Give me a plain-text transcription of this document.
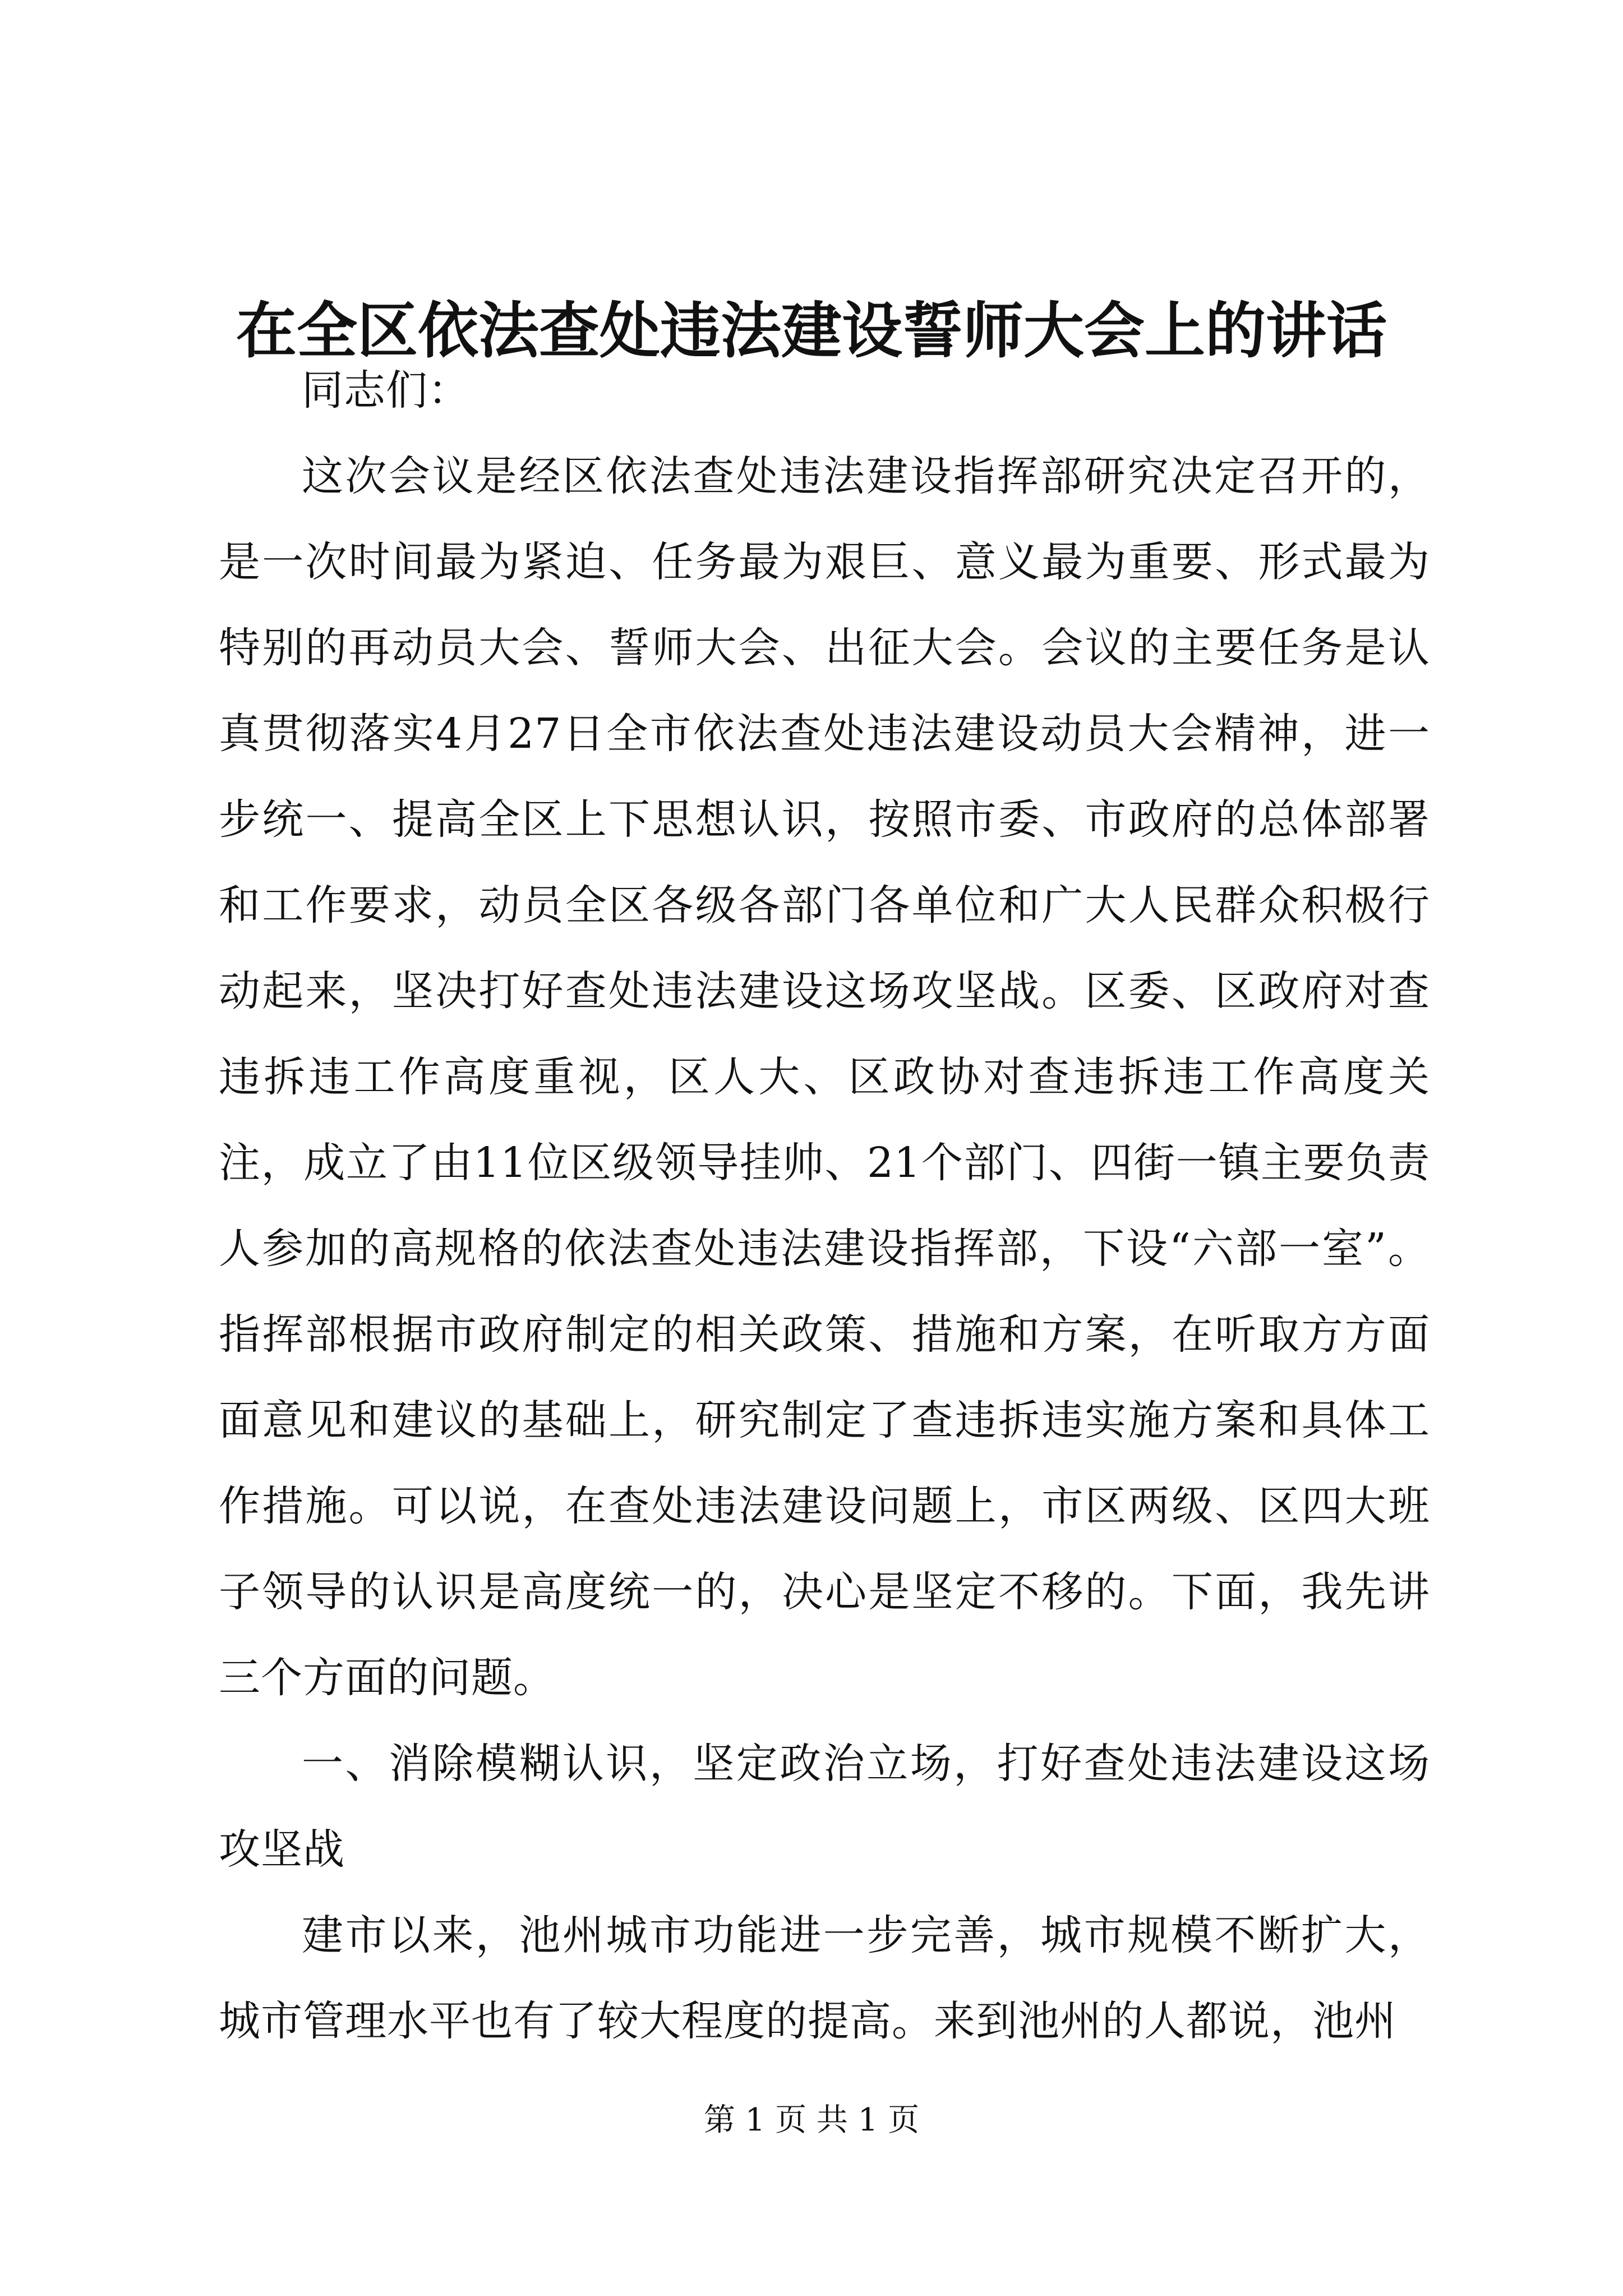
在全区依法查处违法建设誓师大会上的讲话

同志们：

这次会议是经区依法查处违法建设指挥部研究决定召开的，是一次时间最为紧迫、任务最为艰巨、意义最为重要、形式最为特别的再动员大会、誓师大会、出征大会。会议的主要任务是认真贯彻落实4月27日全市依法查处违法建设动员大会精神，进一步统一、提高全区上下思想认识，按照市委、市政府的总体部署和工作要求，动员全区各级各部门各单位和广大人民群众积极行动起来，坚决打好查处违法建设这场攻坚战。区委、区政府对查违拆违工作高度重视，区人大、区政协对查违拆违工作高度关注，成立了由11位区级领导挂帅、21个部门、四街一镇主要负责人参加的高规格的依法查处违法建设指挥部，下设“六部一室”。指挥部根据市政府制定的相关政策、措施和方案，在听取方方面面意见和建议的基础上，研究制定了查违拆违实施方案和具体工作措施。可以说，在查处违法建设问题上，市区两级、区四大班子领导的认识是高度统一的，决心是坚定不移的。下面，我先讲三个方面的问题。

一、消除模糊认识，坚定政治立场，打好查处违法建设这场攻坚战

建市以来，池州城市功能进一步完善，城市规模不断扩大，城市管理水平也有了较大程度的提高。来到池州的人都说，池州

第 1 页 共 1 页
